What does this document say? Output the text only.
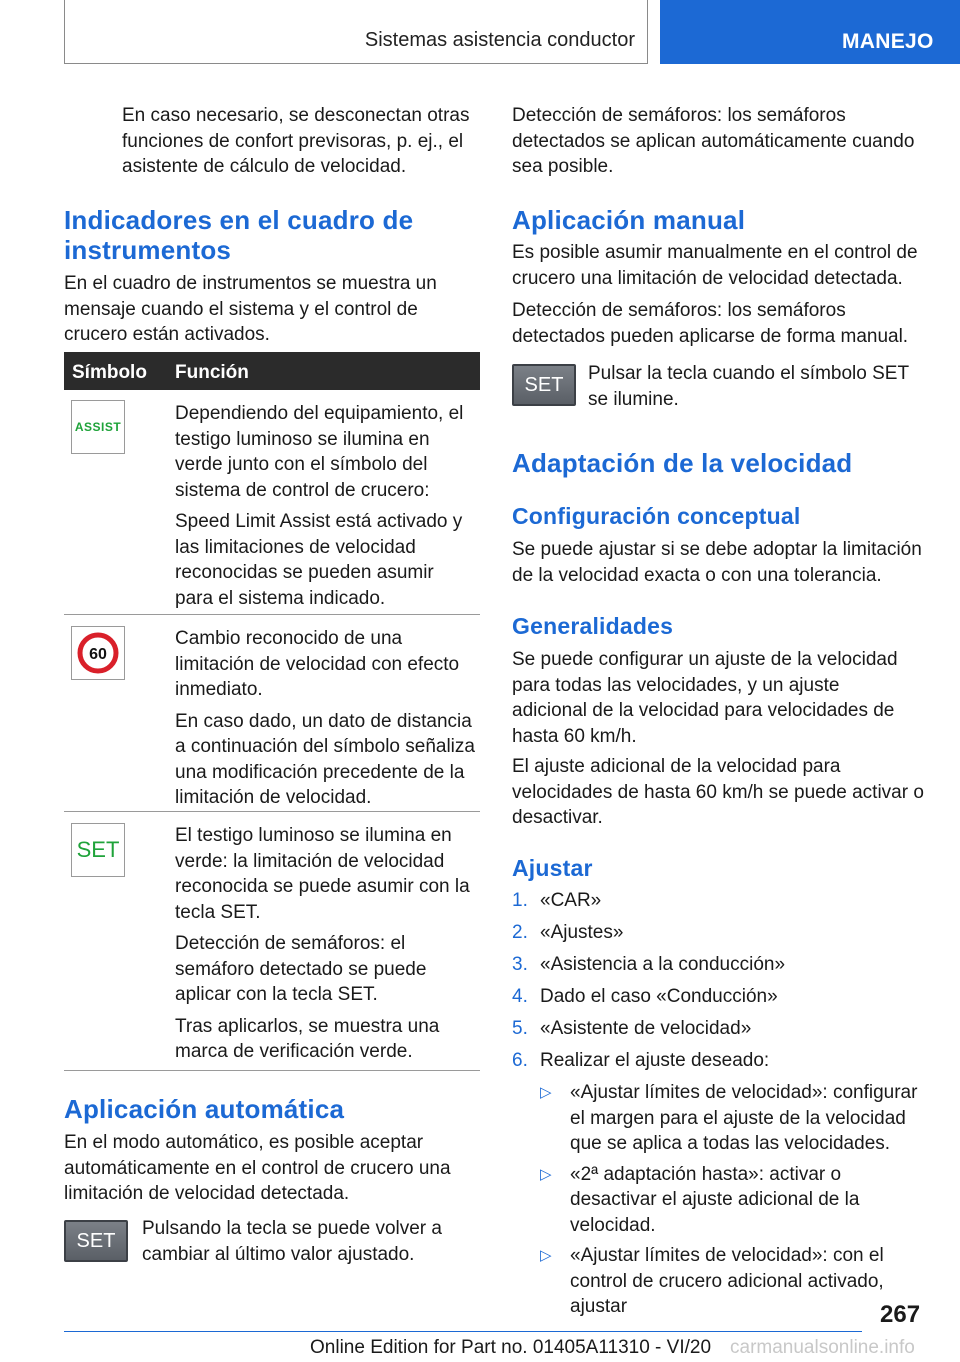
Sistemas asistencia conductor	MANEJO

En caso necesario, se desconectan otras funciones de confort previsoras, p. ej., el asistente de cálculo de velocidad.

Indicadores en el cuadro de instrumentos

En el cuadro de instrumentos se muestra un mensaje cuando el sistema y el control de crucero están activados.

Símbolo Función
ASSIST

Dependiendo del equipamiento, el testigo luminoso se ilumina en verde junto con el símbolo del sistema de control de crucero:

Speed Limit Assist está activado y las limitaciones de velocidad reconocidas se pueden asumir para el sistema indicado.

60

Cambio reconocido de una limitación de velocidad con efecto inmediato.

En caso dado, un dato de distancia a continuación del símbolo señaliza una modificación precedente de la limitación de velocidad.

SET

El testigo luminoso se ilumina en verde: la limitación de velocidad reconocida se puede asumir con la tecla SET.

Detección de semáforos: el semáforo detectado se puede aplicar con la tecla SET.

Tras aplicarlos, se muestra una marca de verificación verde.

Aplicación automática

En el modo automático, es posible aceptar automáticamente en el control de crucero una limitación de velocidad detectada.

SET

Pulsando la tecla se puede volver a cambiar al último valor ajustado.

Detección de semáforos: los semáforos detectados se aplican automáticamente cuando sea posible.

Aplicación manual

Es posible asumir manualmente en el control de crucero una limitación de velocidad detectada.

Detección de semáforos: los semáforos detectados pueden aplicarse de forma manual.

SET Pulsar la tecla cuando el símbolo SET se ilumine.

Adaptación de la velocidad
Configuración conceptual

Se puede ajustar si se debe adoptar la limitación de la velocidad exacta o con una tolerancia.

Generalidades

Se puede configurar un ajuste de la velocidad para todas las velocidades, y un ajuste adicional de la velocidad para velocidades de hasta 60 km/h.

El ajuste adicional de la velocidad para velocidades de hasta 60 km/h se puede activar o desactivar.

Ajustar
1. «CAR»
2. «Ajustes»
3. «Asistencia a la conducción»
4. Dado el caso «Conducción»
5. «Asistente de velocidad»
6. Realizar el ajuste deseado:
▷ «Ajustar límites de velocidad»: configurar el margen para el ajuste de la velocidad que se aplica a todas las velocidades.
▷ «2ª adaptación hasta»: activar o desactivar el ajuste adicional de la velocidad.
▷ «Ajustar límites de velocidad»: con el control de crucero adicional activado, ajustar	267
Online Edition for Part no. 01405A11310 - VI/20 carmanualsonline.info
